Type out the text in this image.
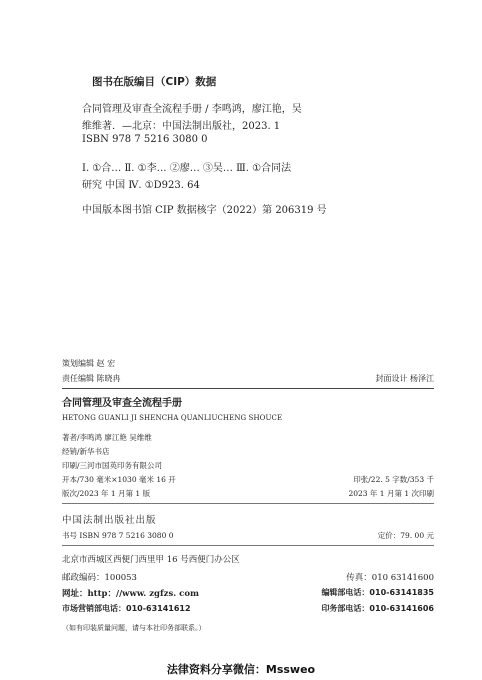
图书在版编目（CIP）数据
合同管理及审查全流程手册 / 李鸣鸿，廖江艳，吴
维维著．—北京：中国法制出版社，2023. 1
ISBN 978 7 5216 3080 0
Ⅰ. ①合… Ⅱ. ①李… ②廖… ③吴… Ⅲ. ①合同法
研究 中国 Ⅳ. ①D923. 64
中国版本图书馆 CIP 数据核字（2022）第 206319 号
策划编辑 赵 宏
责任编辑 陈晓冉	封面设计 杨泽江
合同管理及审查全流程手册
HETONG GUANLI JI SHENCHA QUANLIUCHENG SHOUCE
著者/李鸣鸿 廖江艳 吴维维
经销/新华书店
印刷/三河市国英印务有限公司
开本/730 毫米×1030 毫米 16 开	印张/22. 5 字数/353 千
版次/2023 年 1 月第 1 版	2023 年 1 月第 1 次印刷
中国法制出版社出版
书号 ISBN 978 7 5216 3080 0	定价：79. 00 元
北京市西城区西便门西里甲 16 号西便门办公区
邮政编码：100053	传真：010 63141600
网址：http：//www. zgfzs. com	编辑部电话：010-63141835
市场营销部电话：010-63141612	印务部电话：010-63141606
（如有印装质量问题，请与本社印务部联系。）
法律资料分享微信：Mssweo
